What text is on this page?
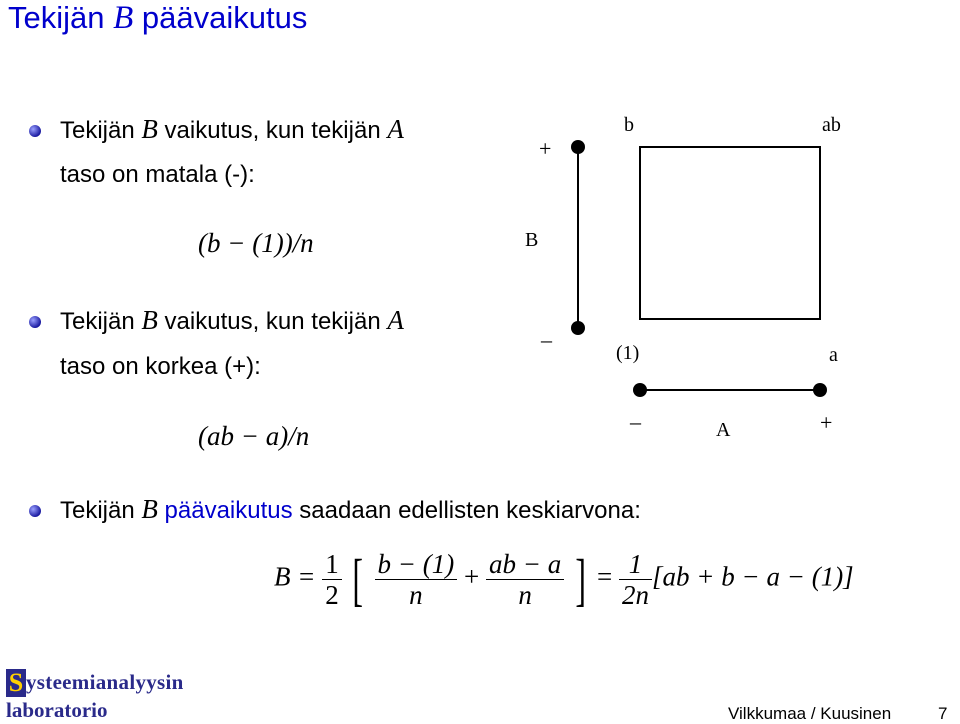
Tekijän B päävaikutus
Tekijän B vaikutus, kun tekijän A
taso on matala (-):
(b − (1))/n
Tekijän B vaikutus, kun tekijän A
taso on korkea (+):
(ab − a)/n
Tekijän B päävaikutus saadaan edellisten keskiarvona:
$B = \frac{1}{2}$ [ $\frac{b - (1)}{n} + \frac{ab - a}{n}$ ] = $\frac{1}{2n} [ab + b - a - (1)]$
b	ab
(1)	a
B
+
–
A
–	+
S ysteemianalyysin
laboratorio	Vilkkumaa / Kuusinen	7
